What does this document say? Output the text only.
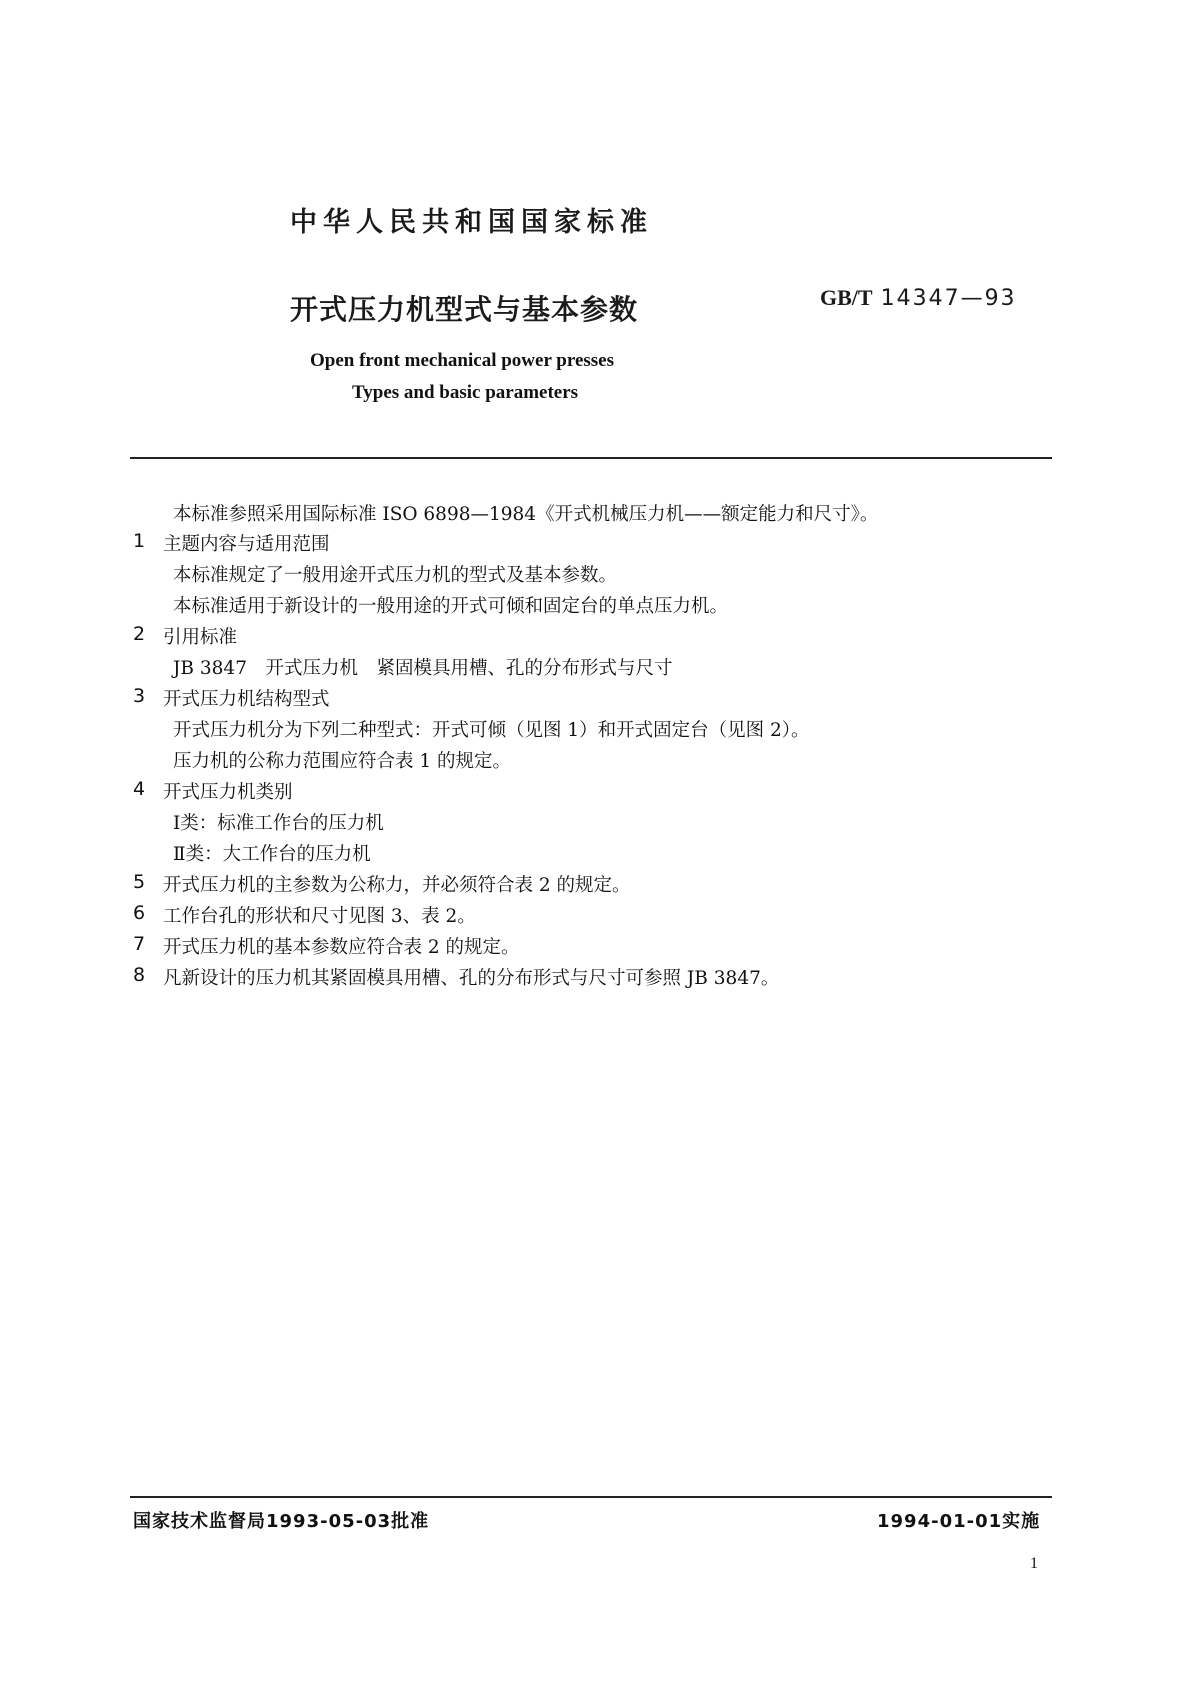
中华人民共和国国家标准
开式压力机型式与基本参数	GB/T 14347—93
Open front mechanical power presses
Types and basic parameters
本标准参照采用国际标准 ISO 6898—1984《开式机械压力机——额定能力和尺寸》。
1 主题内容与适用范围
本标准规定了一般用途开式压力机的型式及基本参数。
本标准适用于新设计的一般用途的开式可倾和固定台的单点压力机。
2 引用标准
JB 3847　开式压力机　紧固模具用槽、孔的分布形式与尺寸
3 开式压力机结构型式
开式压力机分为下列二种型式：开式可倾（见图 1）和开式固定台（见图 2）。
压力机的公称力范围应符合表 1 的规定。
4 开式压力机类别
Ⅰ类：标准工作台的压力机
Ⅱ类：大工作台的压力机
5 开式压力机的主参数为公称力，并必须符合表 2 的规定。
6 工作台孔的形状和尺寸见图 3、表 2。
7 开式压力机的基本参数应符合表 2 的规定。
8 凡新设计的压力机其紧固模具用槽、孔的分布形式与尺寸可参照 JB 3847。
国家技术监督局1993-05-03批准	1994-01-01实施
1
